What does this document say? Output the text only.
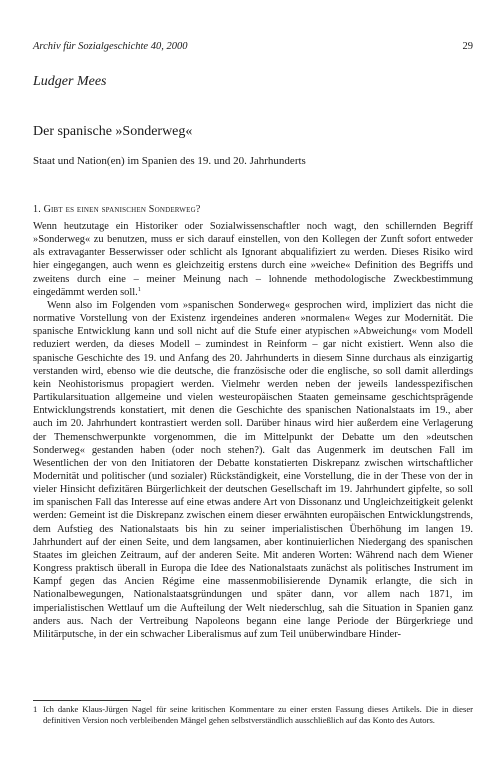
Archiv für Sozialgeschichte 40, 2000	29
Ludger Mees
Der spanische »Sonderweg«
Staat und Nation(en) im Spanien des 19. und 20. Jahrhunderts
1. Gibt es einen spanischen Sonderweg?

Wenn heutzutage ein Historiker oder Sozialwissenschaftler noch wagt, den schillernden Begriff »Sonderweg« zu benutzen, muss er sich darauf einstellen, von den Kollegen der Zunft sofort entweder als extravaganter Besserwisser oder schlicht als Ignorant abqualifiziert zu werden. Dieses Risiko wird hier eingegangen, auch wenn es gleichzeitig erstens durch eine »weiche« Definition des Begriffs und zweitens durch eine – meiner Meinung nach – lohnende methodologische Zweckbestimmung eingedämmt werden soll.$^1$

Wenn also im Folgenden vom »spanischen Sonderweg« gesprochen wird, impliziert das nicht die normative Vorstellung von der Existenz irgendeines anderen »normalen« Weges zur Modernität. Die spanische Entwicklung kann und soll nicht auf die Stufe einer atypischen »Abweichung« vom Modell reduziert werden, da dieses Modell – zumindest in Reinform – gar nicht existiert. Wenn also die spanische Geschichte des 19. und Anfang des 20. Jahrhunderts in diesem Sinne durchaus als einzigartig verstanden wird, ebenso wie die deutsche, die französische oder die englische, so soll damit allerdings kein Neohistorismus propagiert werden. Vielmehr werden neben der jeweils landesspezifischen Partikularsituation allgemeine und vielen westeuropäischen Staaten gemeinsame geschichtsprägende Entwicklungstrends konstatiert, mit denen die Geschichte des spanischen Nationalstaats im 19., aber auch im 20. Jahrhundert kontrastiert werden soll. Darüber hinaus wird hier außerdem eine Verlagerung der Themenschwerpunkte vorgenommen, die im Mittelpunkt der Debatte um den »deutschen Sonderweg« gestanden haben (oder noch stehen?). Galt das Augenmerk im deutschen Fall im Wesentlichen der von den Initiatoren der Debatte konstatierten Diskrepanz zwischen wirtschaftlicher Modernität und politischer (und sozialer) Rückständigkeit, eine Vorstellung, die in der These von der in vieler Hinsicht defizitären Bürgerlichkeit der deutschen Gesellschaft im 19. Jahrhundert gipfelte, so soll im spanischen Fall das Interesse auf eine etwas andere Art von Dissonanz und Ungleichzeitigkeit gelenkt werden: Gemeint ist die Diskrepanz zwischen einem dieser erwähnten europäischen Entwicklungstrends, dem Aufstieg des Nationalstaats bis hin zu seiner imperialistischen Überhöhung im langen 19. Jahrhundert auf der einen Seite, und dem langsamen, aber kontinuierlichen Niedergang des spanischen Staates im gleichen Zeitraum, auf der anderen Seite. Mit anderen Worten: Während nach dem Wiener Kongress praktisch überall in Europa die Idee des Nationalstaats zunächst als politisches Instrument im Kampf gegen das Ancien Régime eine massenmobilisierende Dynamik erlangte, die sich in Nationalbewegungen, Nationalstaatsgründungen und später dann, vor allem nach 1871, im imperialistischen Wettlauf um die Aufteilung der Welt niederschlug, sah die Situation in Spanien ganz anders aus. Nach der Vertreibung Napoleons begann eine lange Periode der Bürgerkriege und Militärputsche, in der ein schwacher Liberalismus auf zum Teil unüberwindbare Hinder-

1 Ich danke Klaus-Jürgen Nagel für seine kritischen Kommentare zu einer ersten Fassung dieses Artikels. Die in dieser definitiven Version noch verbleibenden Mängel gehen selbstverständlich ausschließlich auf das Konto des Autors.
